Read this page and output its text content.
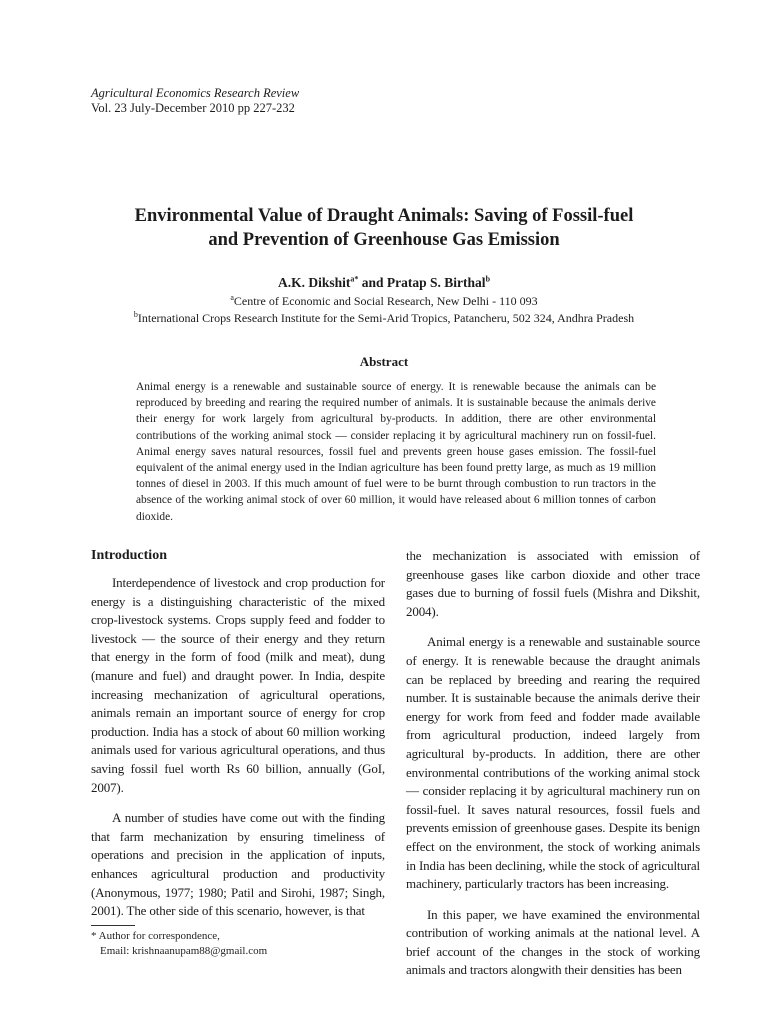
Agricultural Economics Research Review
Vol. 23 July-December 2010 pp 227-232
Environmental Value of Draught Animals: Saving of Fossil-fuel
and Prevention of Greenhouse Gas Emission
A.K. Dikshit$^{a*}$ and Pratap S. Birthal$^b$
$^a$Centre of Economic and Social Research, New Delhi - 110 093
$^b$International Crops Research Institute for the Semi-Arid Tropics, Patancheru, 502 324, Andhra Pradesh
Abstract

Animal energy is a renewable and sustainable source of energy. It is renewable because the animals can be reproduced by breeding and rearing the required number of animals. It is sustainable because the animals derive their energy for work largely from agricultural by-products. In addition, there are other environmental contributions of the working animal stock — consider replacing it by agricultural machinery run on fossil-fuel. Animal energy saves natural resources, fossil fuel and prevents green house gases emission. The fossil-fuel equivalent of the animal energy used in the Indian agriculture has been found pretty large, as much as 19 million tonnes of diesel in 2003. If this much amount of fuel were to be burnt through combustion to run tractors in the absence of the working animal stock of over 60 million, it would have released about 6 million tonnes of carbon dioxide.

Introduction

Interdependence of livestock and crop production for energy is a distinguishing characteristic of the mixed crop-livestock systems. Crops supply feed and fodder to livestock — the source of their energy and they return that energy in the form of food (milk and meat), dung (manure and fuel) and draught power. In India, despite increasing mechanization of agricultural operations, animals remain an important source of energy for crop production. India has a stock of about 60 million working animals used for various agricultural operations, and thus saving fossil fuel worth Rs 60 billion, annually (GoI, 2007).

A number of studies have come out with the finding that farm mechanization by ensuring timeliness of operations and precision in the application of inputs, enhances agricultural production and productivity (Anonymous, 1977; 1980; Patil and Sirohi, 1987; Singh, 2001). The other side of this scenario, however, is that

the mechanization is associated with emission of greenhouse gases like carbon dioxide and other trace gases due to burning of fossil fuels (Mishra and Dikshit, 2004).

Animal energy is a renewable and sustainable source of energy. It is renewable because the draught animals can be replaced by breeding and rearing the required number. It is sustainable because the animals derive their energy for work from feed and fodder made available from agricultural production, indeed largely from agricultural by-products. In addition, there are other environmental contributions of the working animal stock — consider replacing it by agricultural machinery run on fossil-fuel. It saves natural resources, fossil fuels and prevents emission of greenhouse gases. Despite its benign effect on the environment, the stock of working animals in India has been declining, while the stock of agricultural machinery, particularly tractors has been increasing.

In this paper, we have examined the environmental contribution of working animals at the national level. A brief account of the changes in the stock of working animals and tractors alongwith their densities has been

* Author for correspondence,
Email: krishnaanupam88@gmail.com
